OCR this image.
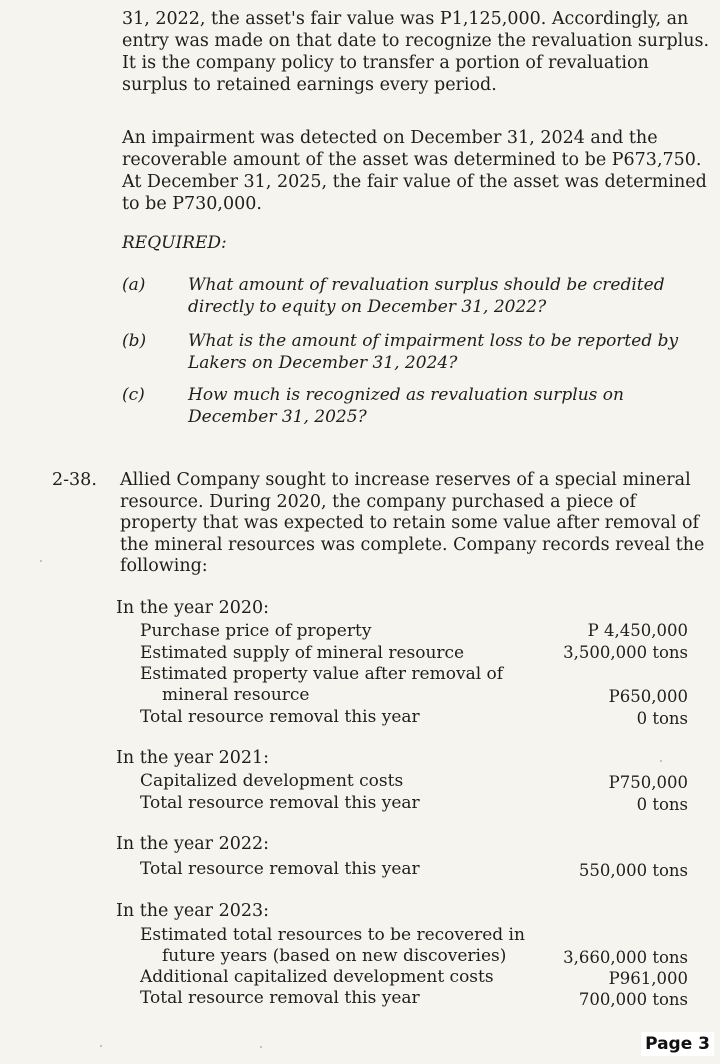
31, 2022, the asset's fair value was P1,125,000. Accordingly, an

entry was made on that date to recognize the revaluation surplus.

It is the company policy to transfer a portion of revaluation

surplus to retained earnings every period.

An impairment was detected on December 31, 2024 and the

recoverable amount of the asset was determined to be P673,750.

At December 31, 2025, the fair value of the asset was determined

to be P730,000.

REQUIRED:
(a)	What amount of revaluation surplus should be credited

directly to equity on December 31, 2022?

(b) What is the amount of impairment loss to be reported by

Lakers on December 31, 2024?

(c)	How much is recognized as revaluation surplus on

December 31, 2025?

2-38. Allied Company sought to increase reserves of a special mineral

resource. During 2020, the company purchased a piece of

property that was expected to retain some value after removal of

the mineral resources was complete. Company records reveal the

following:

In the year 2020:
Purchase price of property	P 4,450,000
Estimated supply of mineral resource	3,500,000 tons
Estimated property value after removal of
mineral resource	P650,000
Total resource removal this year	0 tons
In the year 2021:
Capitalized development costs	P750,000
Total resource removal this year	0 tons
In the year 2022:
Total resource removal this year	550,000 tons
In the year 2023:
Estimated total resources to be recovered in
future years (based on new discoveries)	3,660,000 tons
Additional capitalized development costs	P961,000
Total resource removal this year	700,000 tons
Page 3
